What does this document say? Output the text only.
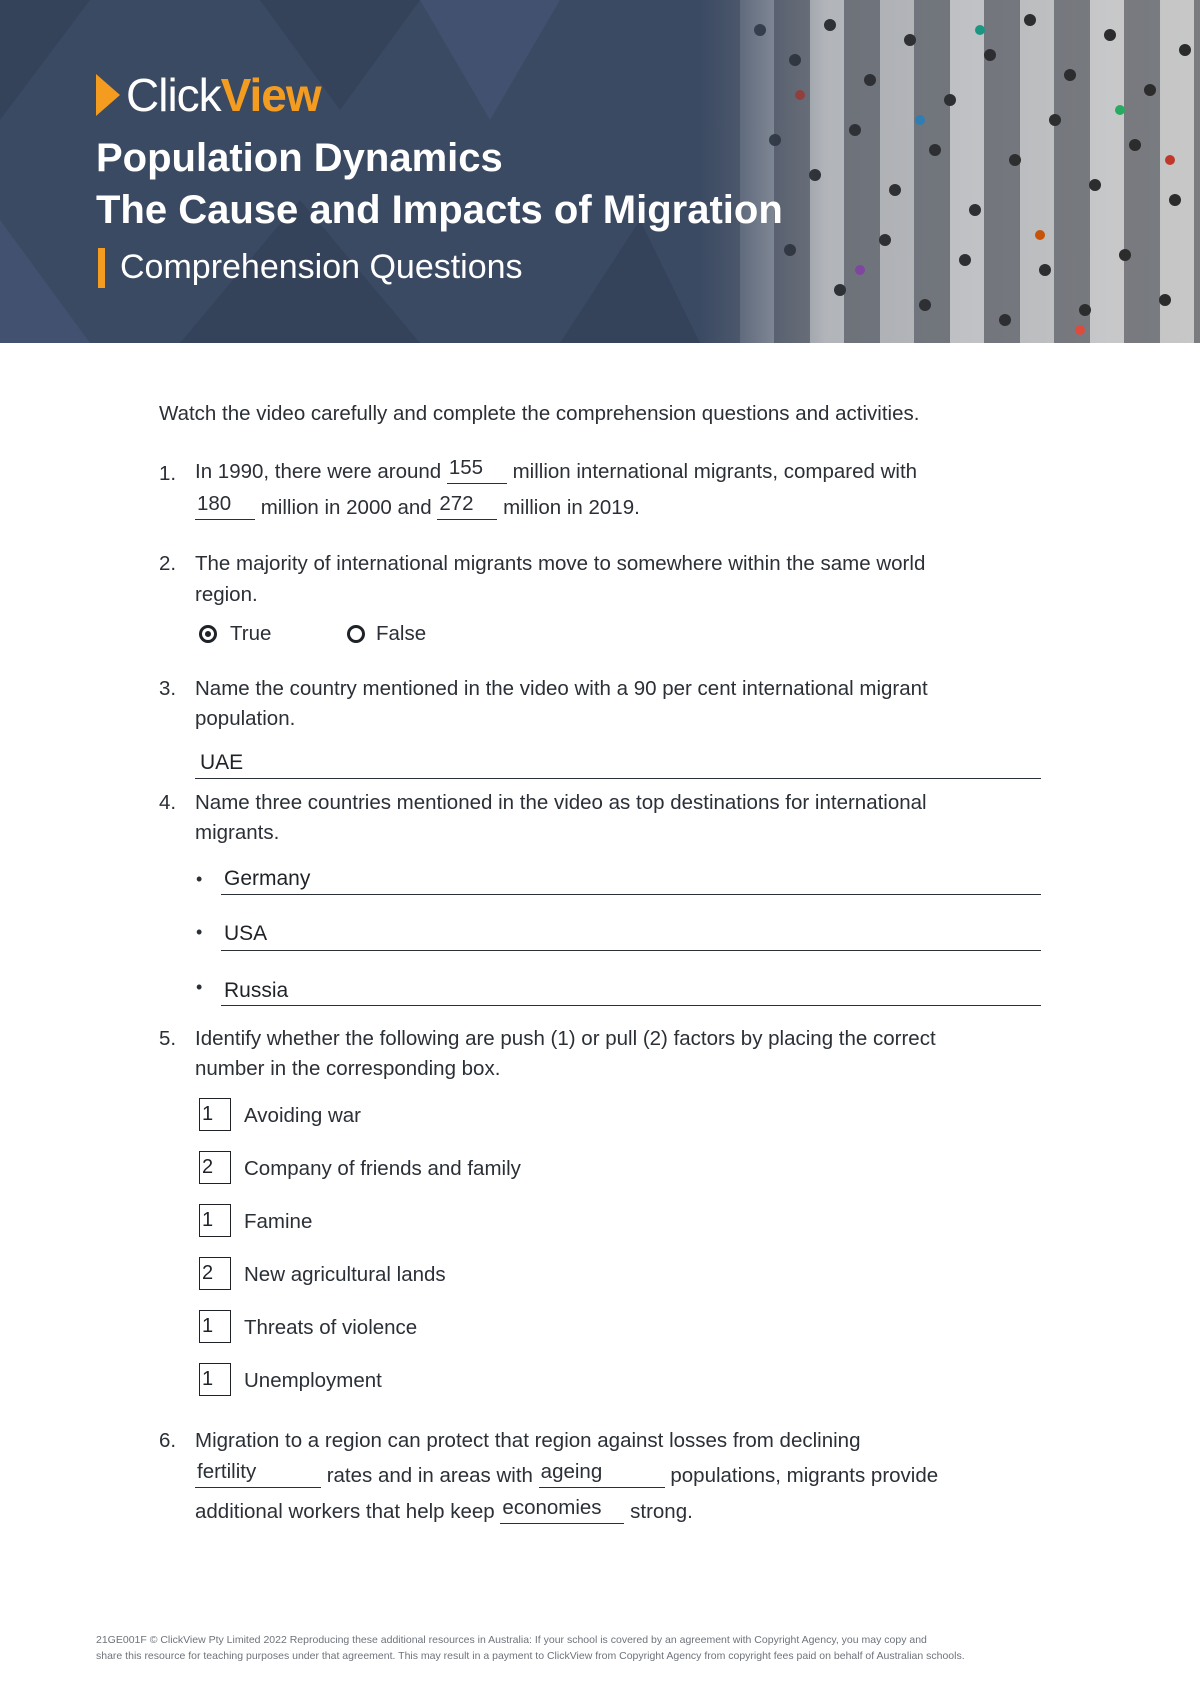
Click View
Population Dynamics
The Cause and Impacts of Migration
Comprehension Questions
Watch the video carefully and complete the comprehension questions and activities.
1. In 1990, there were around 155 million international migrants, compared with
180 million in 2000 and 272 million in 2019.
2. The majority of international migrants move to somewhere within the same world
region.
True	False
3. Name the country mentioned in the video with a 90 per cent international migrant
population.
UAE
4. Name three countries mentioned in the video as top destinations for international
migrants.
• Germany
• USA
• Russia
5. Identify whether the following are push (1) or pull (2) factors by placing the correct
number in the corresponding box.
1	Avoiding war
2	Company of friends and family
1	Famine
2	New agricultural lands
1	Threats of violence
1	Unemployment
6. Migration to a region can protect that region against losses from declining
fertility	rates and in areas with ageing	populations, migrants provide
additional workers that help keep economies strong.
21GE001F © ClickView Pty Limited 2022 Reproducing these additional resources in Australia: If your school is covered by an agreement with Copyright Agency, you may copy and
share this resource for teaching purposes under that agreement. This may result in a payment to ClickView from Copyright Agency from copyright fees paid on behalf of Australian schools.
